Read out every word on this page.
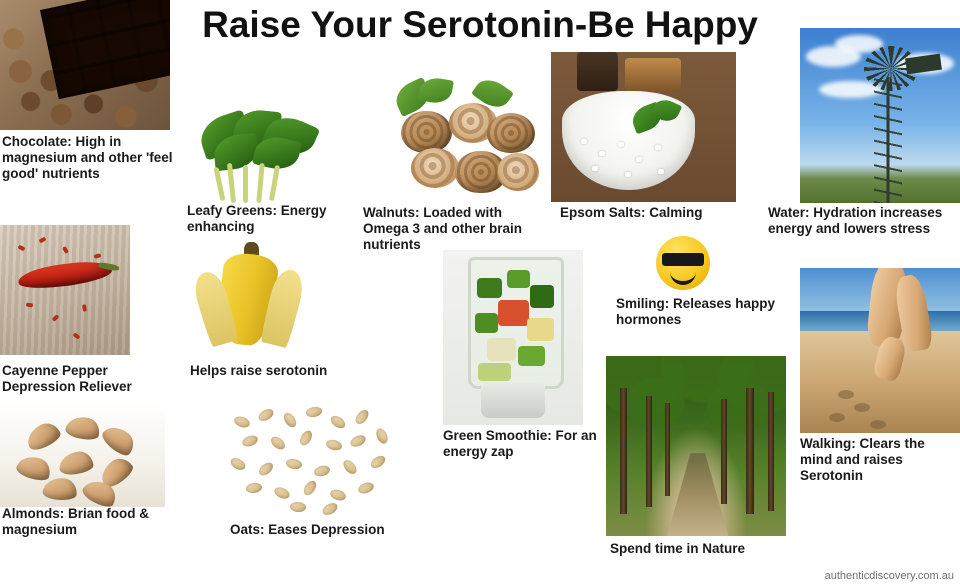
Raise Your Serotonin-Be Happy
Chocolate: High in magnesium and other 'feel good' nutrients
Cayenne Pepper Depression Reliever
Almonds: Brian food & magnesium
Leafy Greens: Energy enhancing
Helps raise serotonin
Oats: Eases Depression
Walnuts: Loaded with Omega 3 and other brain nutrients
Green Smoothie: For an energy zap
Epsom Salts: Calming
Smiling: Releases happy hormones
Spend time in Nature
Water: Hydration increases energy and lowers stress
Walking: Clears the mind and raises Serotonin
authenticdiscovery.com.au
